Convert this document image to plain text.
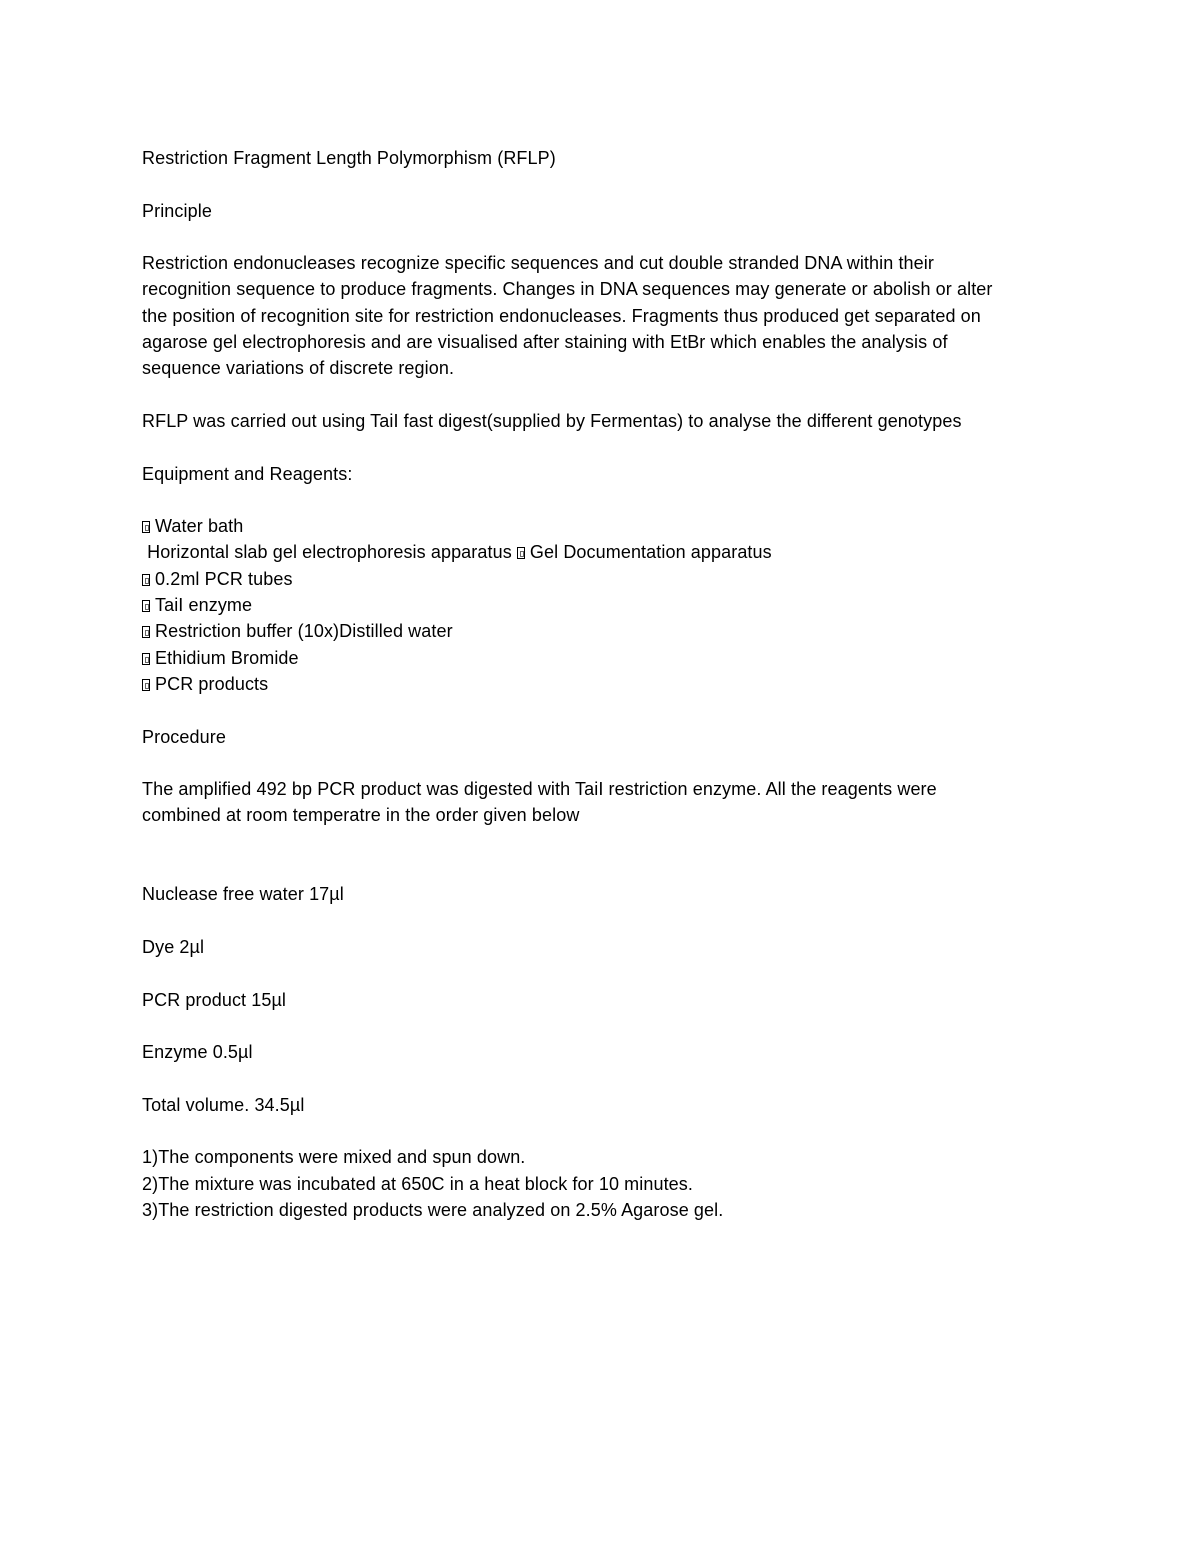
Restriction Fragment Length Polymorphism (RFLP)
Principle
Restriction endonucleases recognize specific sequences and cut double stranded DNA within their
recognition sequence to produce fragments. Changes in DNA sequences may generate or abolish or alter
the position of recognition site for restriction endonucleases. Fragments thus produced get separated on
agarose gel electrophoresis and are visualised after staining with EtBr which enables the analysis of
sequence variations of discrete region.
RFLP was carried out using TaiI fast digest(supplied by Fermentas) to analyse the different genotypes
Equipment and Reagents:
Water bath
Horizontal slab gel electrophoresis apparatus Gel Documentation apparatus
0.2ml PCR tubes
TaiI enzyme
Restriction buffer (10x)Distilled water
Ethidium Bromide
PCR products
Procedure
The amplified 492 bp PCR product was digested with TaiI restriction enzyme. All the reagents were
combined at room temperatre in the order given below
Nuclease free water 17µl
Dye 2µl
PCR product 15µl
Enzyme 0.5µl
Total volume. 34.5µl
1)The components were mixed and spun down.
2)The mixture was incubated at 650C in a heat block for 10 minutes.
3)The restriction digested products were analyzed on 2.5% Agarose gel.
